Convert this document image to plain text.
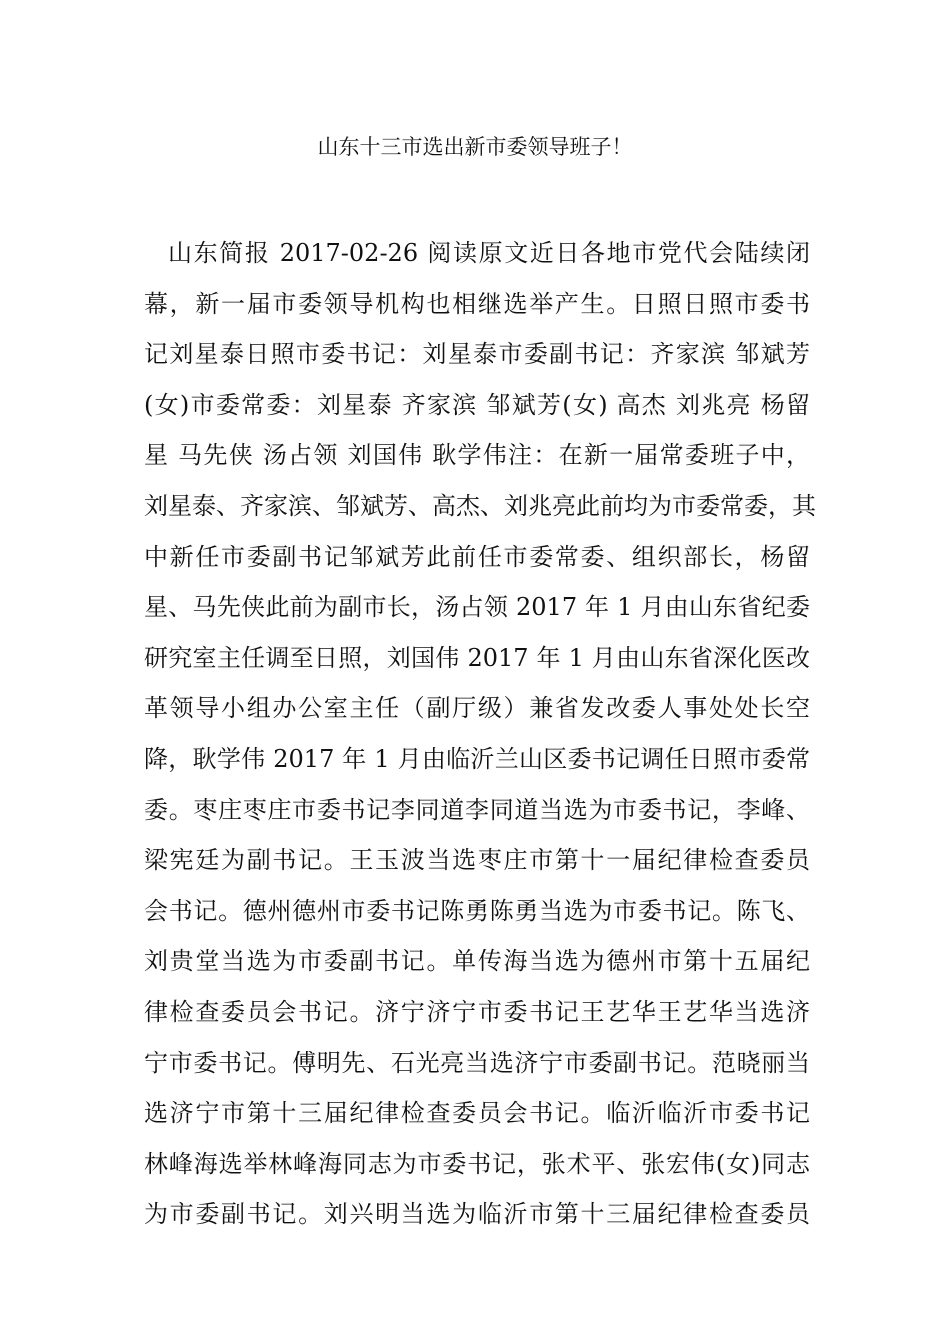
山东十三市选出新市委领导班子！
山东简报 2017-02-26 阅读原文近日各地市党代会陆续闭
幕，新一届市委领导机构也相继选举产生。日照日照市委书
记刘星泰日照市委书记：刘星泰市委副书记：齐家滨 邹斌芳
(女)市委常委：刘星泰 齐家滨 邹斌芳(女) 高杰 刘兆亮 杨留
星 马先侠 汤占领 刘国伟 耿学伟注：在新一届常委班子中，
刘星泰、齐家滨、邹斌芳、高杰、刘兆亮此前均为市委常委，其
中新任市委副书记邹斌芳此前任市委常委、组织部长，杨留
星、马先侠此前为副市长，汤占领 2017 年 1 月由山东省纪委
研究室主任调至日照，刘国伟 2017 年 1 月由山东省深化医改
革领导小组办公室主任（副厅级）兼省发改委人事处处长空
降，耿学伟 2017 年 1 月由临沂兰山区委书记调任日照市委常
委。枣庄枣庄市委书记李同道李同道当选为市委书记，李峰、
梁宪廷为副书记。王玉波当选枣庄市第十一届纪律检查委员
会书记。德州德州市委书记陈勇陈勇当选为市委书记。陈飞、
刘贵堂当选为市委副书记。单传海当选为德州市第十五届纪
律检查委员会书记。济宁济宁市委书记王艺华王艺华当选济
宁市委书记。傅明先、石光亮当选济宁市委副书记。范晓丽当
选济宁市第十三届纪律检查委员会书记。临沂临沂市委书记
林峰海选举林峰海同志为市委书记，张术平、张宏伟(女)同志
为市委副书记。刘兴明当选为临沂市第十三届纪律检查委员
